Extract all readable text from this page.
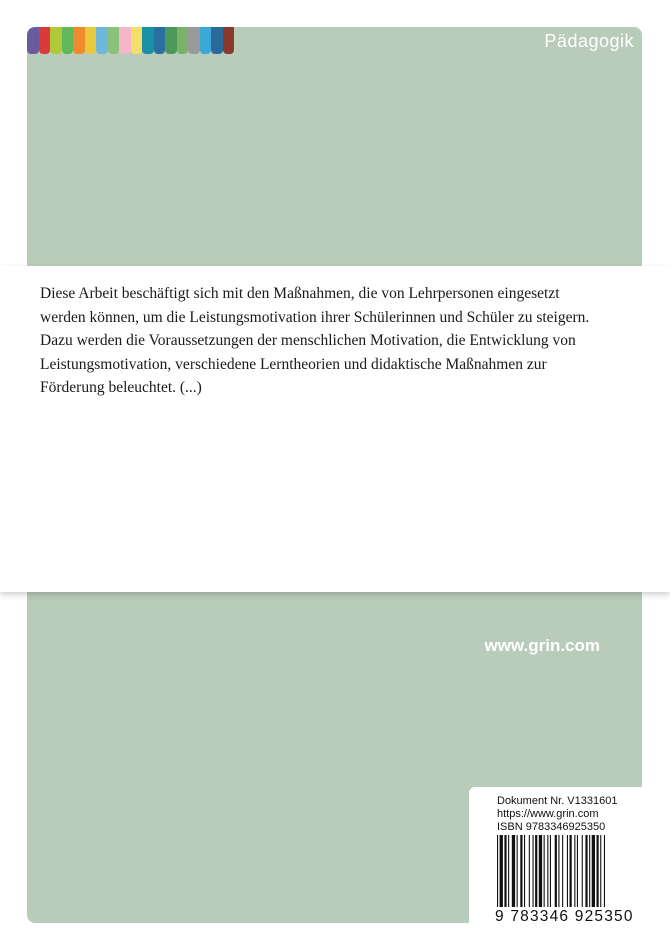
Pädagogik
www.grin.com
Dokument Nr. V1331601
https://www.grin.com
ISBN 9783346925350
9 783346 925350

Diese Arbeit beschäftigt sich mit den Maßnahmen, die von Lehrpersonen eingesetzt
werden können, um die Leistungsmotivation ihrer Schülerinnen und Schüler zu steigern.
Dazu werden die Voraussetzungen der menschlichen Motivation, die Entwicklung von
Leistungsmotivation, verschiedene Lerntheorien und didaktische Maßnahmen zur
Förderung beleuchtet. (...)
